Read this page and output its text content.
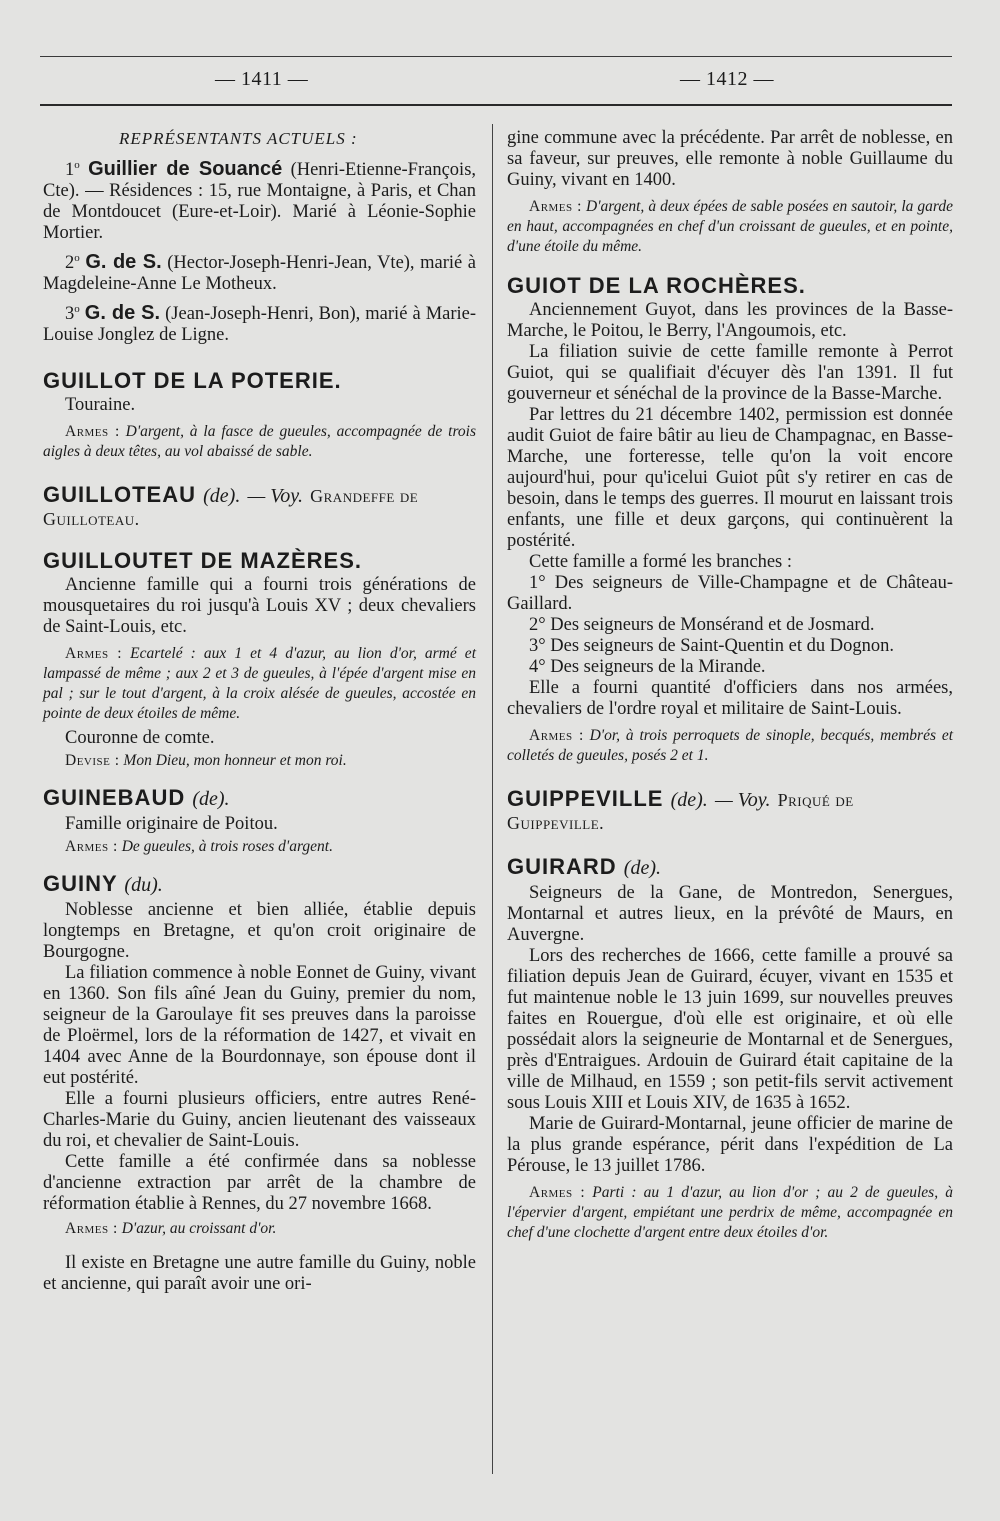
— 1411 —	— 1412 —

REPRÉSENTANTS ACTUELS :

1$^o$ Guillier de Souancé (Henri-Etienne-François, Cte). — Résidences : 15, rue Montaigne, à Paris, et Chan de Montdoucet (Eure-et-Loir). Marié à Léonie-Sophie Mortier.

2$^o$ G. de S. (Hector-Joseph-Henri-Jean, Vte), marié à Magdeleine-Anne Le Motheux.

3$^o$ G. de S. (Jean-Joseph-Henri, Bon), marié à Marie-Louise Jonglez de Ligne.

GUILLOT DE LA POTERIE.

Touraine.

Armes : D'argent, à la fasce de gueules, accompagnée de trois aigles à deux têtes, au vol abaissé de sable.

GUILLOTEAU (de). — Voy. Grandeffe de Guilloteau.
GUILLOUTET DE MAZÈRES.

Ancienne famille qui a fourni trois générations de mousquetaires du roi jusqu'à Louis XV ; deux chevaliers de Saint-Louis, etc.

Armes : Ecartelé : aux 1 et 4 d'azur, au lion d'or, armé et lampassé de même ; aux 2 et 3 de gueules, à l'épée d'argent mise en pal ; sur le tout d'argent, à la croix alésée de gueules, accostée en pointe de deux étoiles de même.

Couronne de comte.

Devise : Mon Dieu, mon honneur et mon roi.

GUINEBAUD (de).

Famille originaire de Poitou.

Armes : De gueules, à trois roses d'argent.

GUINY (du).

Noblesse ancienne et bien alliée, établie depuis longtemps en Bretagne, et qu'on croit originaire de Bourgogne.

La filiation commence à noble Eonnet de Guiny, vivant en 1360. Son fils aîné Jean du Guiny, premier du nom, seigneur de la Garoulaye fit ses preuves dans la paroisse de Ploërmel, lors de la réformation de 1427, et vivait en 1404 avec Anne de la Bourdonnaye, son épouse dont il eut postérité.

Elle a fourni plusieurs officiers, entre autres René-Charles-Marie du Guiny, ancien lieutenant des vaisseaux du roi, et chevalier de Saint-Louis.

Cette famille a été confirmée dans sa noblesse d'ancienne extraction par arrêt de la chambre de réformation établie à Rennes, du 27 novembre 1668.

Armes : D'azur, au croissant d'or.

Il existe en Bretagne une autre famille du Guiny, noble et ancienne, qui paraît avoir une ori-

gine commune avec la précédente. Par arrêt de noblesse, en sa faveur, sur preuves, elle remonte à noble Guillaume du Guiny, vivant en 1400.

Armes : D'argent, à deux épées de sable posées en sautoir, la garde en haut, accompagnées en chef d'un croissant de gueules, et en pointe, d'une étoile du même.

GUIOT DE LA ROCHÈRES.

Anciennement Guyot, dans les provinces de la Basse-Marche, le Poitou, le Berry, l'Angoumois, etc.

La filiation suivie de cette famille remonte à Perrot Guiot, qui se qualifiait d'écuyer dès l'an 1391. Il fut gouverneur et sénéchal de la province de la Basse-Marche.

Par lettres du 21 décembre 1402, permission est donnée audit Guiot de faire bâtir au lieu de Champagnac, en Basse-Marche, une forteresse, telle qu'on la voit encore aujourd'hui, pour qu'icelui Guiot pût s'y retirer en cas de besoin, dans le temps des guerres. Il mourut en laissant trois enfants, une fille et deux garçons, qui continuèrent la postérité.

Cette famille a formé les branches :

1° Des seigneurs de Ville-Champagne et de Château-Gaillard.

2° Des seigneurs de Monsérand et de Josmard.

3° Des seigneurs de Saint-Quentin et du Dognon.

4° Des seigneurs de la Mirande.

Elle a fourni quantité d'officiers dans nos armées, chevaliers de l'ordre royal et militaire de Saint-Louis.

Armes : D'or, à trois perroquets de sinople, becqués, membrés et colletés de gueules, posés 2 et 1.

GUIPPEVILLE (de). — Voy. Priqué de Guippeville.
GUIRARD (de).

Seigneurs de la Gane, de Montredon, Senergues, Montarnal et autres lieux, en la prévôté de Maurs, en Auvergne.

Lors des recherches de 1666, cette famille a prouvé sa filiation depuis Jean de Guirard, écuyer, vivant en 1535 et fut maintenue noble le 13 juin 1699, sur nouvelles preuves faites en Rouergue, d'où elle est originaire, et où elle possédait alors la seigneurie de Montarnal et de Senergues, près d'Entraigues. Ardouin de Guirard était capitaine de la ville de Milhaud, en 1559 ; son petit-fils servit activement sous Louis XIII et Louis XIV, de 1635 à 1652.

Marie de Guirard-Montarnal, jeune officier de marine de la plus grande espérance, périt dans l'expédition de La Pérouse, le 13 juillet 1786.

Armes : Parti : au 1 d'azur, au lion d'or ; au 2 de gueules, à l'épervier d'argent, empiétant une perdrix de même, accompagnée en chef d'une clochette d'argent entre deux étoiles d'or.
